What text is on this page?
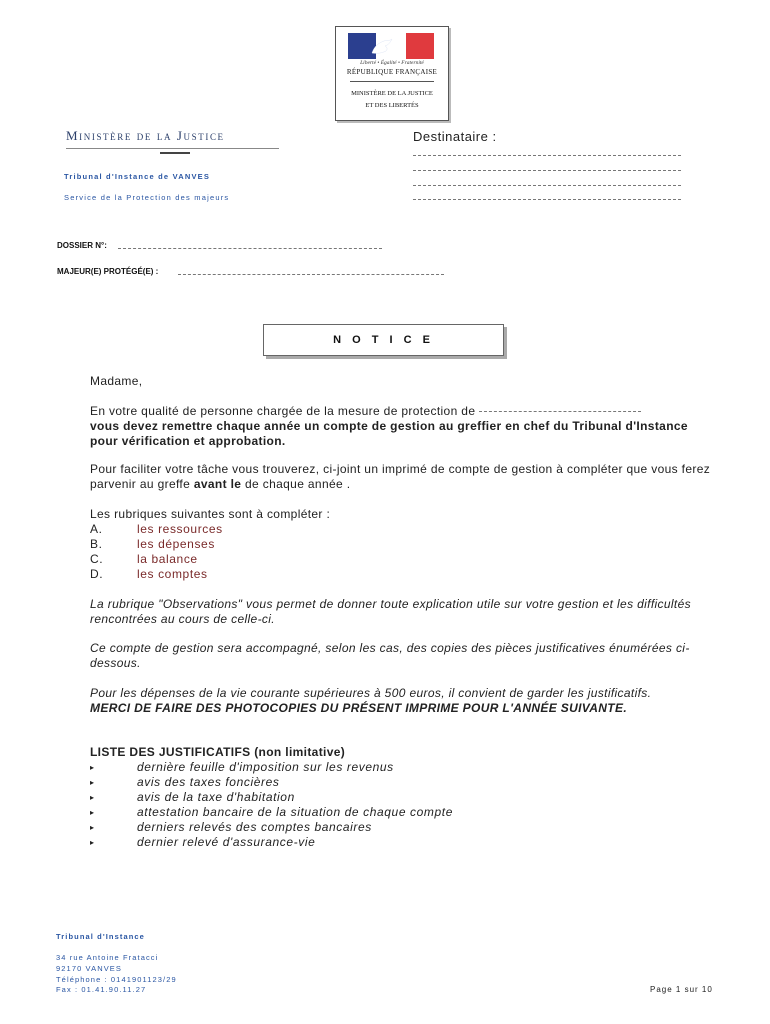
Liberté • Égalité • Fraternité
RÉPUBLIQUE FRANÇAISE
MINISTÈRE DE LA JUSTICE
ET DES LIBERTÉS
Ministère de la Justice
Tribunal d'Instance de VANVES
Service de la Protection des majeurs
Destinataire :
DOSSIER N°:
MAJEUR(E) PROTÉGÉ(E) :
N O T I C E
Madame,
En votre qualité de personne chargée de la mesure de protection de
vous devez remettre chaque année un compte de gestion au greffier en chef du Tribunal d'Instance pour vérification et approbation.
Pour faciliter votre tâche vous trouverez, ci-joint un imprimé de compte de gestion à compléter que vous ferez parvenir au greffe avant le de chaque année .
Les rubriques suivantes sont à compléter :
A.	les ressources
B.	les dépenses
C.	la balance
D.	les comptes
La rubrique "Observations" vous permet de donner toute explication utile sur votre gestion et les difficultés rencontrées au cours de celle-ci.
Ce compte de gestion sera accompagné, selon les cas, des copies des pièces justificatives énumérées ci-dessous.
Pour les dépenses de la vie courante supérieures à 500 euros, il convient de garder les justificatifs.
MERCI DE FAIRE DES PHOTOCOPIES DU PRÉSENT IMPRIME POUR L'ANNÉE SUIVANTE.
LISTE DES JUSTIFICATIFS (non limitative)
▸	dernière feuille d'imposition sur les revenus
▸	avis des taxes foncières
▸	avis de la taxe d'habitation
▸	attestation bancaire de la situation de chaque compte
▸	derniers relevés des comptes bancaires
▸	dernier relevé d'assurance-vie
Tribunal d'Instance
34 rue Antoine Fratacci
92170 VANVES
Téléphone : 0141901123/29
Fax : 01.41.90.11.27	Page 1 sur 10
